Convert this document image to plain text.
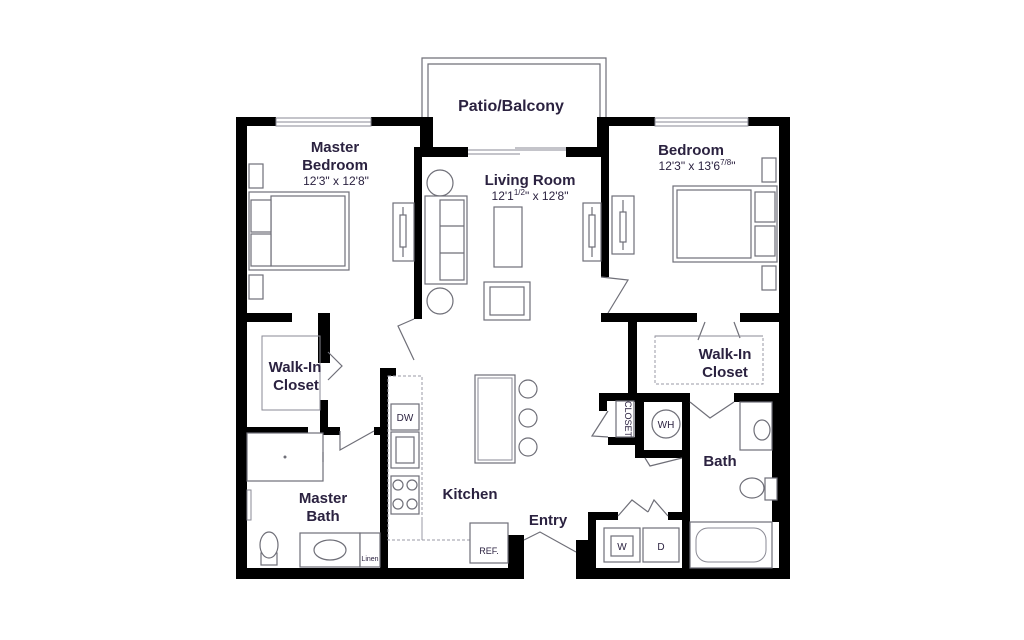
Patio/Balcony
Master
Bedroom
12'3" x 12'8"	Living Room
$12'1^{1/2}$" x 12'8"
Bedroom
12'3" x $13'6^{7/8}$"
Walk-In
Closet
Walk-In
Closet
Master
Bath
Kitchen
Entry
Bath
DW
REF.
Linen
CLOSET WH
W	D
